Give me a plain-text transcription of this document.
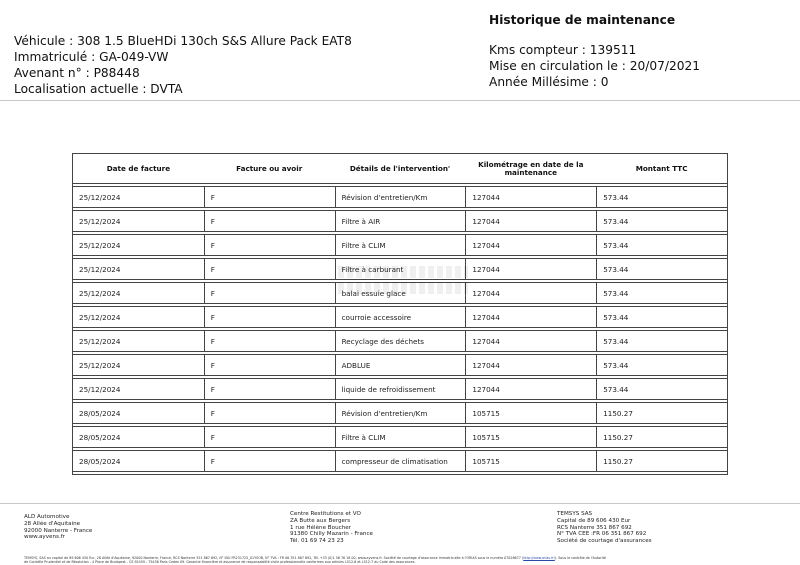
Véhicule : 308 1.5 BlueHDi 130ch S&S Allure Pack EAT8
Immatriculé : GA-049-VW
Avenant n° : P88448
Localisation actuelle : DVTA
Historique de maintenance
Kms compteur : 139511
Mise en circulation le : 20/07/2021
Année Millésime : 0
Date de facture	Facture ou avoir	Détails de l'intervention'	Kilométrage en date de la maintenance	Montant TTC
25/12/2024	F	Révision d'entretien/Km	127044	573.44
25/12/2024	F	Filtre à AIR	127044	573.44
25/12/2024	F	Filtre à CLIM	127044	573.44
25/12/2024	F	Filtre à carburant	127044	573.44
25/12/2024	F	balai essuie glace	127044	573.44
25/12/2024	F	courroie accessoire	127044	573.44
25/12/2024	F	Recyclage des déchets	127044	573.44
25/12/2024	F	ADBLUE	127044	573.44
25/12/2024	F	liquide de refroidissement	127044	573.44
28/05/2024	F	Révision d'entretien/Km	105715	1150.27
28/05/2024	F	Filtre à CLIM	105715	1150.27
28/05/2024	F	compresseur de climatisation	105715	1150.27
ALD Automotive
28 Allée d'Aquitaine
92000 Nanterre - France
www.ayvens.fr
Centre Restitutions et VO
ZA Butte aux Bergers
1 rue Hélène Boucher
91380 Chilly Mazarin - France
Tél. 01 69 74 23 23
TEMSYS SAS
Capital de 89 606 430 Eur
RCS Nanterre 351 867 692
N° TVA CEE :FR 06 351 867 692
Société de courtage d'assurances
TEMSYS, SAS au capital de 89 606 430 Eur, 28 Allée d'Aquitaine, 92000 Nanterre, France, RCS Nanterre 351 867 692, N° IDU FR231725_01YSOB, N° TVA : FR 06 351 867 692, Tél. +33 (0)1 56 76 18 00, www.ayvens.fr. Société de courtage d'assurance immatriculée à l'ORIAS sous le numéro 07028677 (http://www.orias.fr/). Sous le contrôle de l'Autorité
de Contrôle Prudentiel et de Résolution - 4 Place de Budapest - CS 92459 - 75436 Paris Cedex 09. Garantie financière et assurance de responsabilité civile professionnelle conformes aux articles L512-6 et L512-7 du Code des assurances.
